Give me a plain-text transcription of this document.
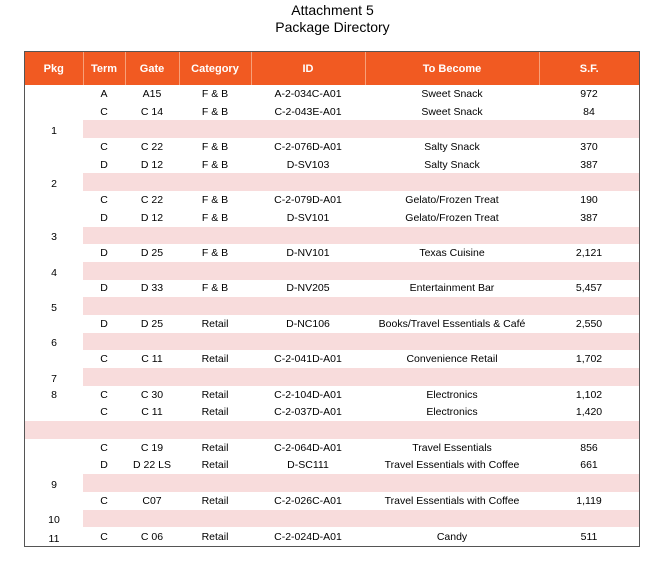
Attachment 5
Package Directory
Pkg	Term	Gate	Category	ID	To Become	S.F.
1	A	A15	F & B	A-2-034C-A01	Sweet Snack	972
	C	C 14	F & B	C-2-043E-A01	Sweet Snack	84

2	C	C 22	F & B	C-2-076D-A01	Salty Snack	370
	D	D 12	F & B	D-SV103	Salty Snack	387

3	C	C 22	F & B	C-2-079D-A01	Gelato/Frozen Treat	190
	D	D 12	F & B	D-SV101	Gelato/Frozen Treat	387

4	D	D 25	F & B	D-NV101	Texas Cuisine	2,121

5	D	D 33	F & B	D-NV205	Entertainment Bar	5,457

6	D	D 25	Retail	D-NC106	Books/Travel Essentials & Café	2,550

7	C	C 11	Retail	C-2-041D-A01	Convenience Retail	1,702

8	C	C 30	Retail	C-2-104D-A01	Electronics	1,102
	C	C 11	Retail	C-2-037D-A01	Electronics	1,420

9	C	C 19	Retail	C-2-064D-A01	Travel Essentials	856
	D	D 22 LS	Retail	D-SC111	Travel Essentials with Coffee	661

10	C	C07	Retail	C-2-026C-A01	Travel Essentials with Coffee	1,119

11	C	C 06	Retail	C-2-024D-A01	Candy	511
